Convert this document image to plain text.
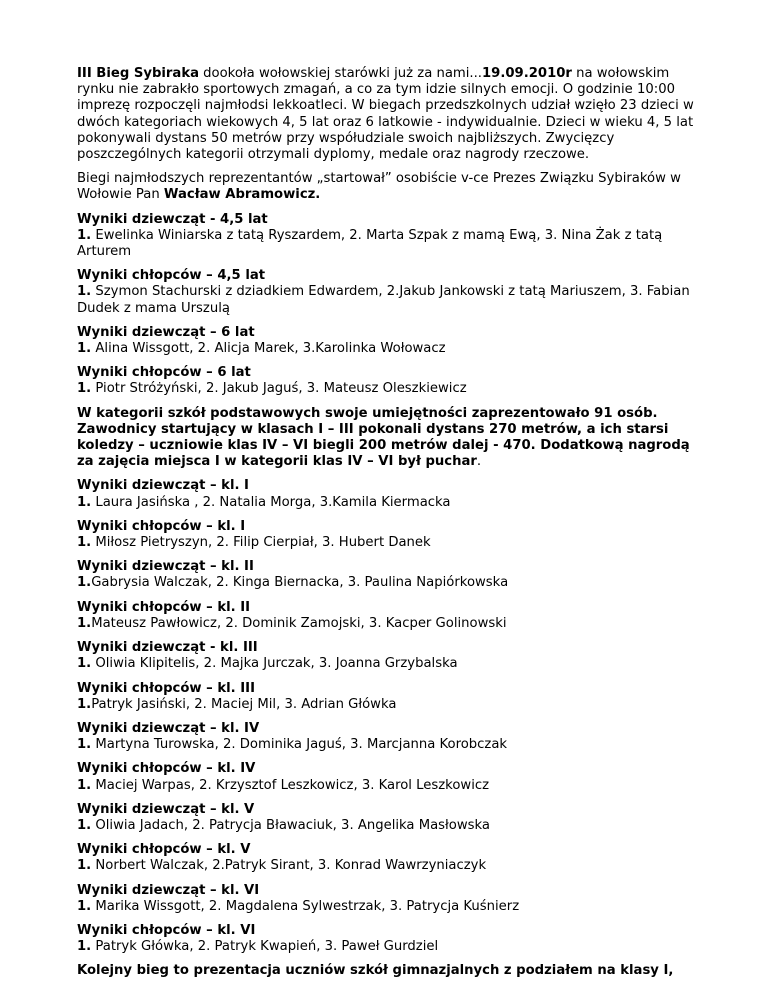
III Bieg Sybiraka dookoła wołowskiej starówki już za nami...19.09.2010r na wołowskim rynku nie zabrakło sportowych zmagań, a co za tym idzie silnych emocji. O godzinie 10:00 imprezę rozpoczęli najmłodsi lekkoatleci. W biegach przedszkolnych udział wzięło 23 dzieci w dwóch kategoriach wiekowych 4, 5 lat oraz 6 latkowie - indywidualnie. Dzieci w wieku 4, 5 lat pokonywali dystans 50 metrów przy współudziale swoich najbliższych. Zwycięzcy poszczególnych kategorii otrzymali dyplomy, medale oraz nagrody rzeczowe.

Biegi najmłodszych reprezentantów „startował” osobiście v-ce Prezes Związku Sybiraków w Wołowie Pan Wacław Abramowicz.

Wyniki dziewcząt - 4,5 lat
1. Ewelinka Winiarska z tatą Ryszardem, 2. Marta Szpak z mamą Ewą, 3. Nina Żak z tatą Arturem
Wyniki chłopców – 4,5 lat
1. Szymon Stachurski z dziadkiem Edwardem, 2.Jakub Jankowski z tatą Mariuszem, 3. Fabian Dudek z mama Urszulą
Wyniki dziewcząt – 6 lat
1. Alina Wissgott, 2. Alicja Marek, 3.Karolinka Wołowacz
Wyniki chłopców – 6 lat
1. Piotr Stróżyński, 2. Jakub Jaguś, 3. Mateusz Oleszkiewicz

W kategorii szkół podstawowych swoje umiejętności zaprezentowało 91 osób. Zawodnicy startujący w klasach I – III pokonali dystans 270 metrów, a ich starsi koledzy – uczniowie klas IV – VI biegli 200 metrów dalej - 470. Dodatkową nagrodą za zajęcia miejsca I w kategorii klas IV – VI był puchar.

Wyniki dziewcząt – kl. I
1. Laura Jasińska , 2. Natalia Morga, 3.Kamila Kiermacka
Wyniki chłopców – kl. I
1. Miłosz Pietryszyn, 2. Filip Cierpiał, 3. Hubert Danek
Wyniki dziewcząt – kl. II
1.Gabrysia Walczak, 2. Kinga Biernacka, 3. Paulina Napiórkowska
Wyniki chłopców – kl. II
1.Mateusz Pawłowicz, 2. Dominik Zamojski, 3. Kacper Golinowski
Wyniki dziewcząt - kl. III
1. Oliwia Klipitelis, 2. Majka Jurczak, 3. Joanna Grzybalska
Wyniki chłopców – kl. III
1.Patryk Jasiński, 2. Maciej Mil, 3. Adrian Główka
Wyniki dziewcząt – kl. IV
1. Martyna Turowska, 2. Dominika Jaguś, 3. Marcjanna Korobczak
Wyniki chłopców – kl. IV
1. Maciej Warpas, 2. Krzysztof Leszkowicz, 3. Karol Leszkowicz
Wyniki dziewcząt – kl. V
1. Oliwia Jadach, 2. Patrycja Bławaciuk, 3. Angelika Masłowska
Wyniki chłopców – kl. V
1. Norbert Walczak, 2.Patryk Sirant, 3. Konrad Wawrzyniaczyk
Wyniki dziewcząt – kl. VI
1. Marika Wissgott, 2. Magdalena Sylwestrzak, 3. Patrycja Kuśnierz
Wyniki chłopców – kl. VI
1. Patryk Główka, 2. Patryk Kwapień, 3. Paweł Gurdziel

Kolejny bieg to prezentacja uczniów szkół gimnazjalnych z podziałem na klasy I,
